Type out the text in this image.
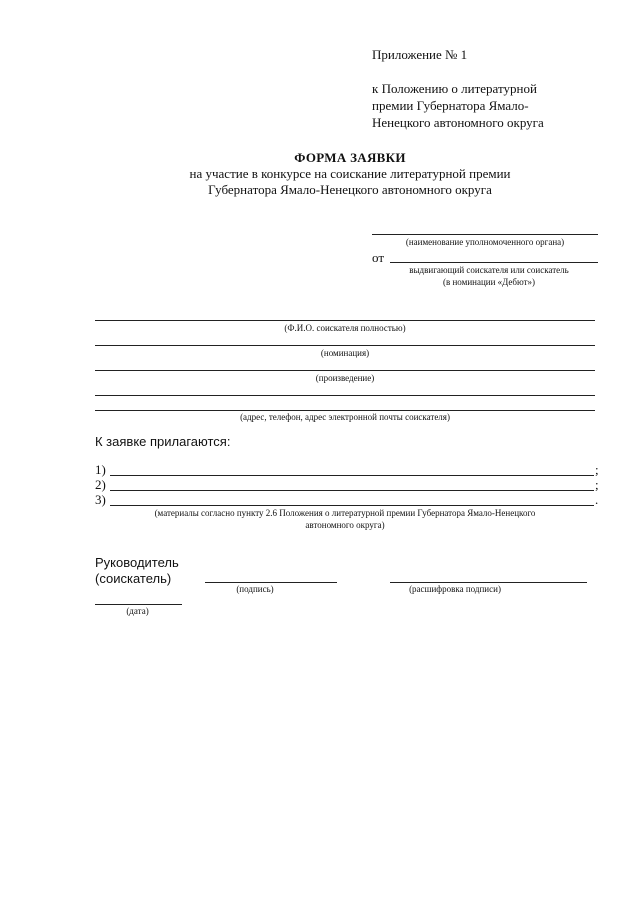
Приложение № 1
к Положению о литературной
премии Губернатора Ямало-
Ненецкого автономного округа
ФОРМА ЗАЯВКИ
на участие в конкурсе на соискание литературной премии
Губернатора Ямало-Ненецкого автономного округа
(наименование уполномоченного органа)
от
выдвигающий соискателя или соискатель
(в номинации «Дебют»)
(Ф.И.О. соискателя полностью)
(номинация)
(произведение)
(адрес, телефон, адрес электронной почты соискателя)
К заявке прилагаются:
1)	;
2)	;
3)	.
(материалы согласно пункту 2.6 Положения о литературной премии Губернатора Ямало-Ненецкого
автономного округа)
Руководитель
(соискатель)
(подпись)	(расшифровка подписи)
(дата)
